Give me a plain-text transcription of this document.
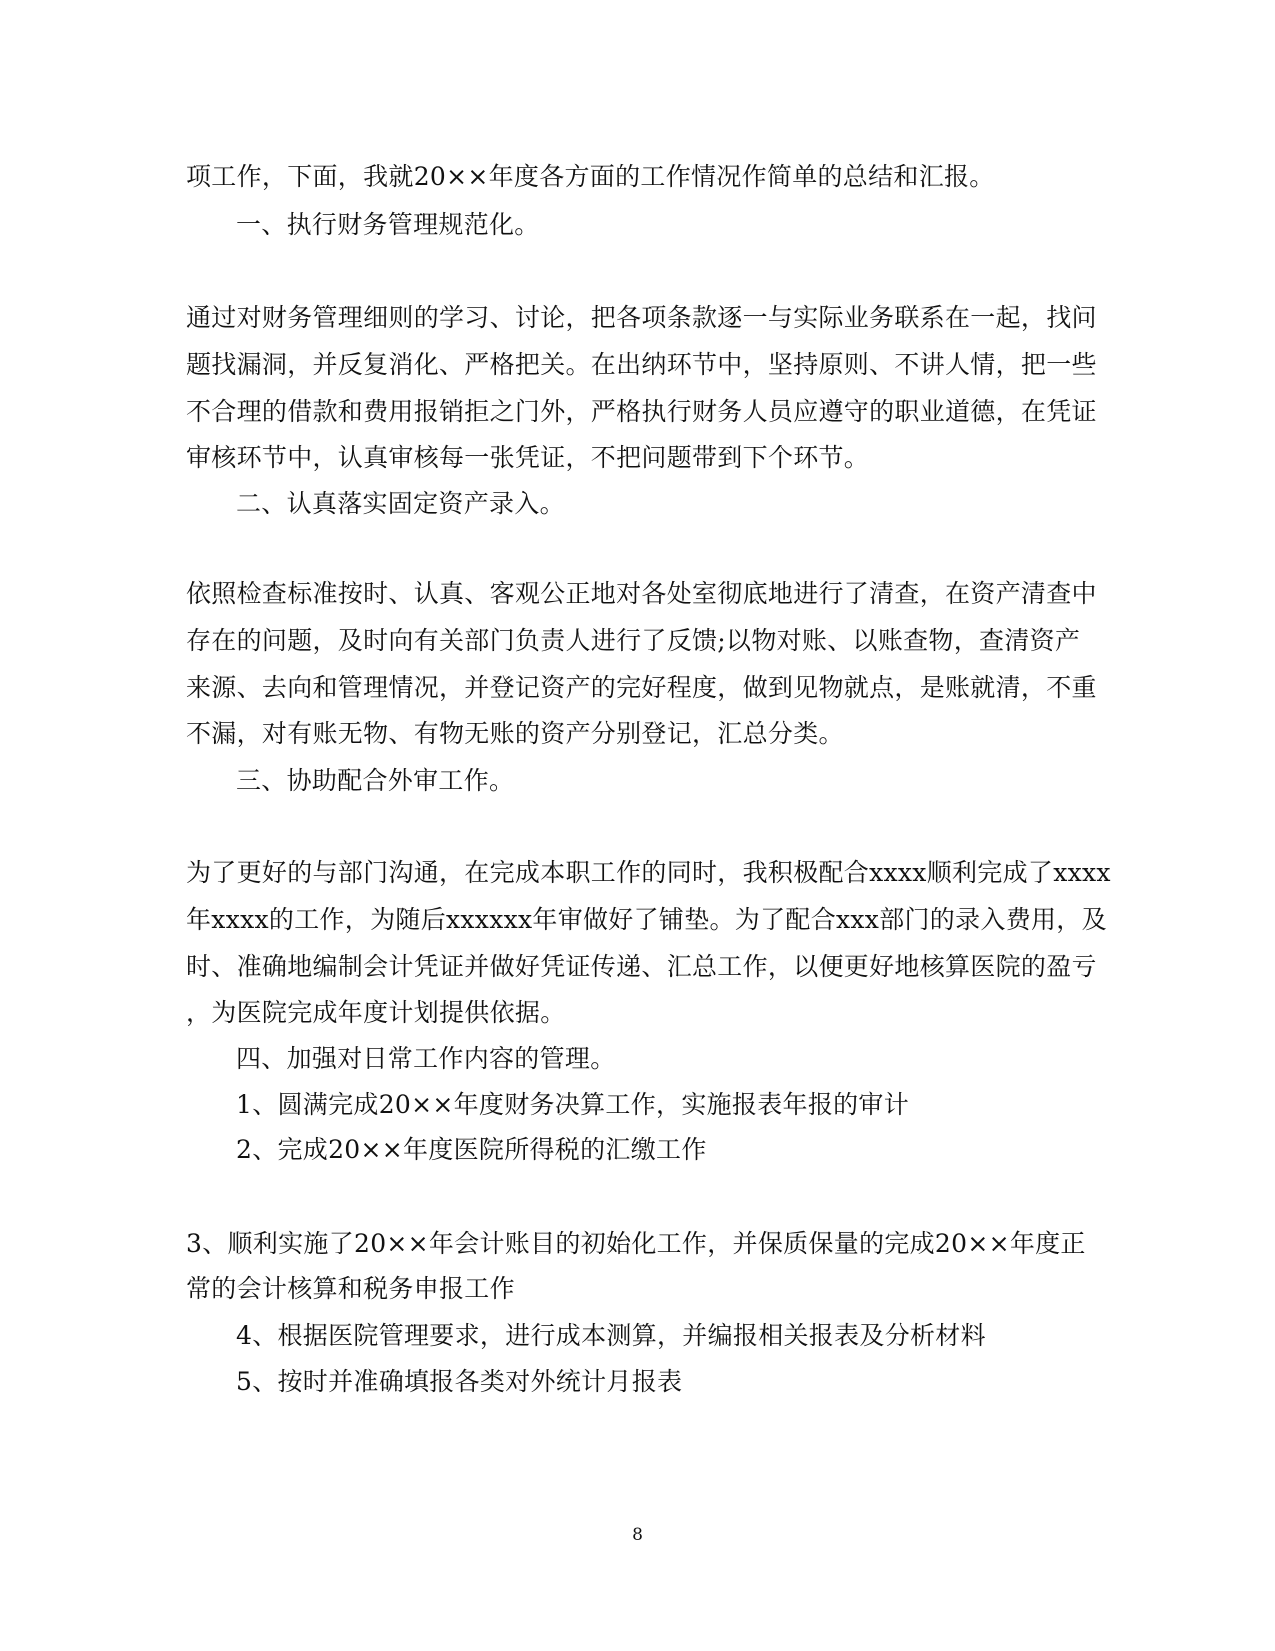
项工作，下面，我就20××年度各方面的工作情况作简单的总结和汇报。
一、执行财务管理规范化。
通过对财务管理细则的学习、讨论，把各项条款逐一与实际业务联系在一起，找问
题找漏洞，并反复消化、严格把关。在出纳环节中，坚持原则、不讲人情，把一些
不合理的借款和费用报销拒之门外，严格执行财务人员应遵守的职业道德，在凭证
审核环节中，认真审核每一张凭证，不把问题带到下个环节。
二、认真落实固定资产录入。
依照检查标准按时、认真、客观公正地对各处室彻底地进行了清查，在资产清查中
存在的问题，及时向有关部门负责人进行了反馈;以物对账、以账查物，查清资产
来源、去向和管理情况，并登记资产的完好程度，做到见物就点，是账就清，不重
不漏，对有账无物、有物无账的资产分别登记，汇总分类。
三、协助配合外审工作。
为了更好的与部门沟通，在完成本职工作的同时，我积极配合xxxx顺利完成了xxxx
年xxxx的工作，为随后xxxxxx年审做好了铺垫。为了配合xxx部门的录入费用，及
时、准确地编制会计凭证并做好凭证传递、汇总工作，以便更好地核算医院的盈亏
，为医院完成年度计划提供依据。
四、加强对日常工作内容的管理。
1、圆满完成20××年度财务决算工作，实施报表年报的审计
2、完成20××年度医院所得税的汇缴工作
3、顺利实施了20××年会计账目的初始化工作，并保质保量的完成20××年度正
常的会计核算和税务申报工作
4、根据医院管理要求，进行成本测算，并编报相关报表及分析材料
5、按时并准确填报各类对外统计月报表
8
